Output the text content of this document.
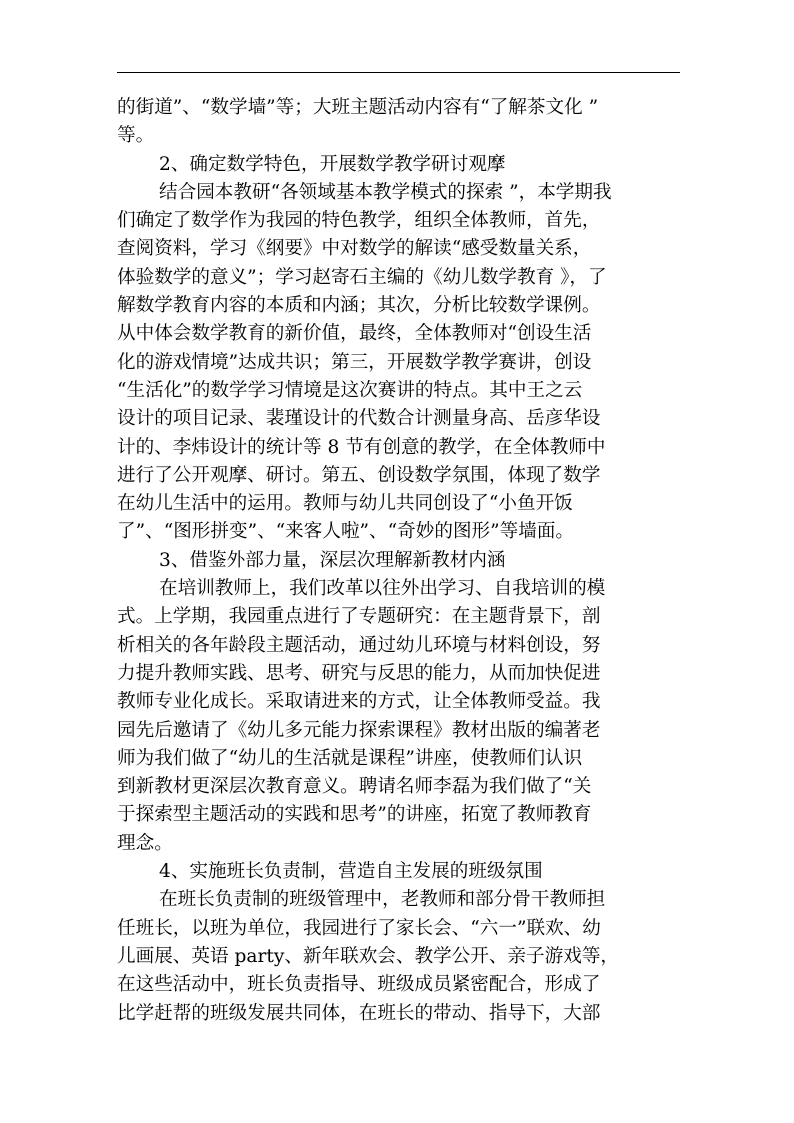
的街道”、“数学墙”等；大班主题活动内容有“了解茶文化 ”
等。
2、确定数学特色，开展数学教学研讨观摩
结合园本教研“各领域基本教学模式的探索 ”，本学期我
们确定了数学作为我园的特色教学，组织全体教师，首先，
查阅资料，学习《纲要》中对数学的解读“感受数量关系，
体验数学的意义”；学习赵寄石主编的《幼儿数学教育 》，了
解数学教育内容的本质和内涵；其次，分析比较数学课例。
从中体会数学教育的新价值，最终，全体教师对“创设生活
化的游戏情境”达成共识；第三，开展数学教学赛讲，创设
“生活化”的数学学习情境是这次赛讲的特点。其中王之云
设计的项目记录、裴瑾设计的代数合计测量身高、岳彦华设
计的、李炜设计的统计等 8 节有创意的教学，在全体教师中
进行了公开观摩、研讨。第五、创设数学氛围，体现了数学
在幼儿生活中的运用。教师与幼儿共同创设了“小鱼开饭
了”、“图形拼变”、“来客人啦”、“奇妙的图形”等墙面。
3、借鉴外部力量，深层次理解新教材内涵
在培训教师上，我们改革以往外出学习、自我培训的模
式。上学期，我园重点进行了专题研究：在主题背景下，剖
析相关的各年龄段主题活动，通过幼儿环境与材料创设，努
力提升教师实践、思考、研究与反思的能力，从而加快促进
教师专业化成长。采取请进来的方式，让全体教师受益。我
园先后邀请了《幼儿多元能力探索课程》教材出版的编著老
师为我们做了“幼儿的生活就是课程”讲座，使教师们认识
到新教材更深层次教育意义。聘请名师李磊为我们做了“关
于探索型主题活动的实践和思考”的讲座，拓宽了教师教育
理念。
4、实施班长负责制，营造自主发展的班级氛围
在班长负责制的班级管理中，老教师和部分骨干教师担
任班长，以班为单位，我园进行了家长会、“六一”联欢、幼
儿画展、英语 party、新年联欢会、教学公开、亲子游戏等，
在这些活动中，班长负责指导、班级成员紧密配合，形成了
比学赶帮的班级发展共同体，在班长的带动、指导下，大部
